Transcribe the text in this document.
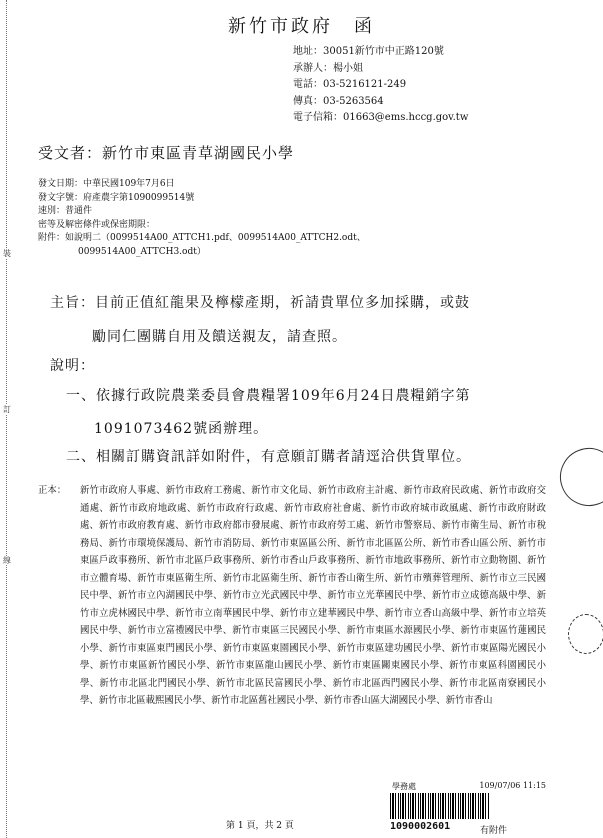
裝
訂
線
新竹市政府　函
地址：30051新竹市中正路120號
承辦人：楊小姐
電話：03-5216121-249
傳真：03-5263564
電子信箱：01663@ems.hccg.gov.tw
受文者：新竹市東區青草湖國民小學
發文日期：中華民國109年7月6日
發文字號：府產農字第1090099514號
速別：普通件
密等及解密條件或保密期限：
附件：如說明二（0099514A00_ATTCH1.pdf、0099514A00_ATTCH2.odt、
0099514A00_ATTCH3.odt）
主旨：目前正值紅龍果及檸檬產期，祈請貴單位多加採購，或鼓
勵同仁團購自用及饋送親友，請查照。
說明：
一、依據行政院農業委員會農糧署109年6月24日農糧銷字第
1091073462號函辦理。
二、相關訂購資訊詳如附件，有意願訂購者請逕洽供貨單位。
正本： 新竹市政府人事處、新竹市政府工務處、新竹市文化局、新竹市政府主計處、新竹市政府民政處、新竹市政府交通處、新竹市政府地政處、新竹市政府行政處、新竹市政府社會處、新竹市政府城市政風處、新竹市政府財政處、新竹市政府教育處、新竹市政府都市發展處、新竹市政府勞工處、新竹市警察局、新竹市衛生局、新竹市稅務局、新竹市環境保護局、新竹市消防局、新竹市東區區公所、新竹市北區區公所、新竹市香山區公所、新竹市東區戶政事務所、新竹市北區戶政事務所、新竹市香山戶政事務所、新竹市地政事務所、新竹市立動物園、新竹市立體育場、新竹市東區衛生所、新竹市北區衛生所、新竹市香山衛生所、新竹市殯葬管理所、新竹市立三民國民中學、新竹市立內湖國民中學、新竹市立光武國民中學、新竹市立光華國民中學、新竹市立成德高級中學、新竹市立虎林國民中學、新竹市立南華國民中學、新竹市立建華國民中學、新竹市立香山高級中學、新竹市立培英國民中學、新竹市立富禮國民中學、新竹市東區三民國民小學、新竹市東區水源國民小學、新竹市東區竹蓮國民小學、新竹市東區東門國民小學、新竹市東區東園國民小學、新竹市東區建功國民小學、新竹市東區陽光國民小學、新竹市東區新竹國民小學、新竹市東區龍山國民小學、新竹市東區關東國民小學、新竹市東區科園國民小學、新竹市北區北門國民小學、新竹市北區民富國民小學、新竹市北區西門國民小學、新竹市北區南寮國民小學、新竹市北區載熙國民小學、新竹市北區舊社國民小學、新竹市香山區大湖國民小學、新竹市香山
第 1 頁，共 2 頁
學務處	109/07/06 11:15
1090002601	有附件
